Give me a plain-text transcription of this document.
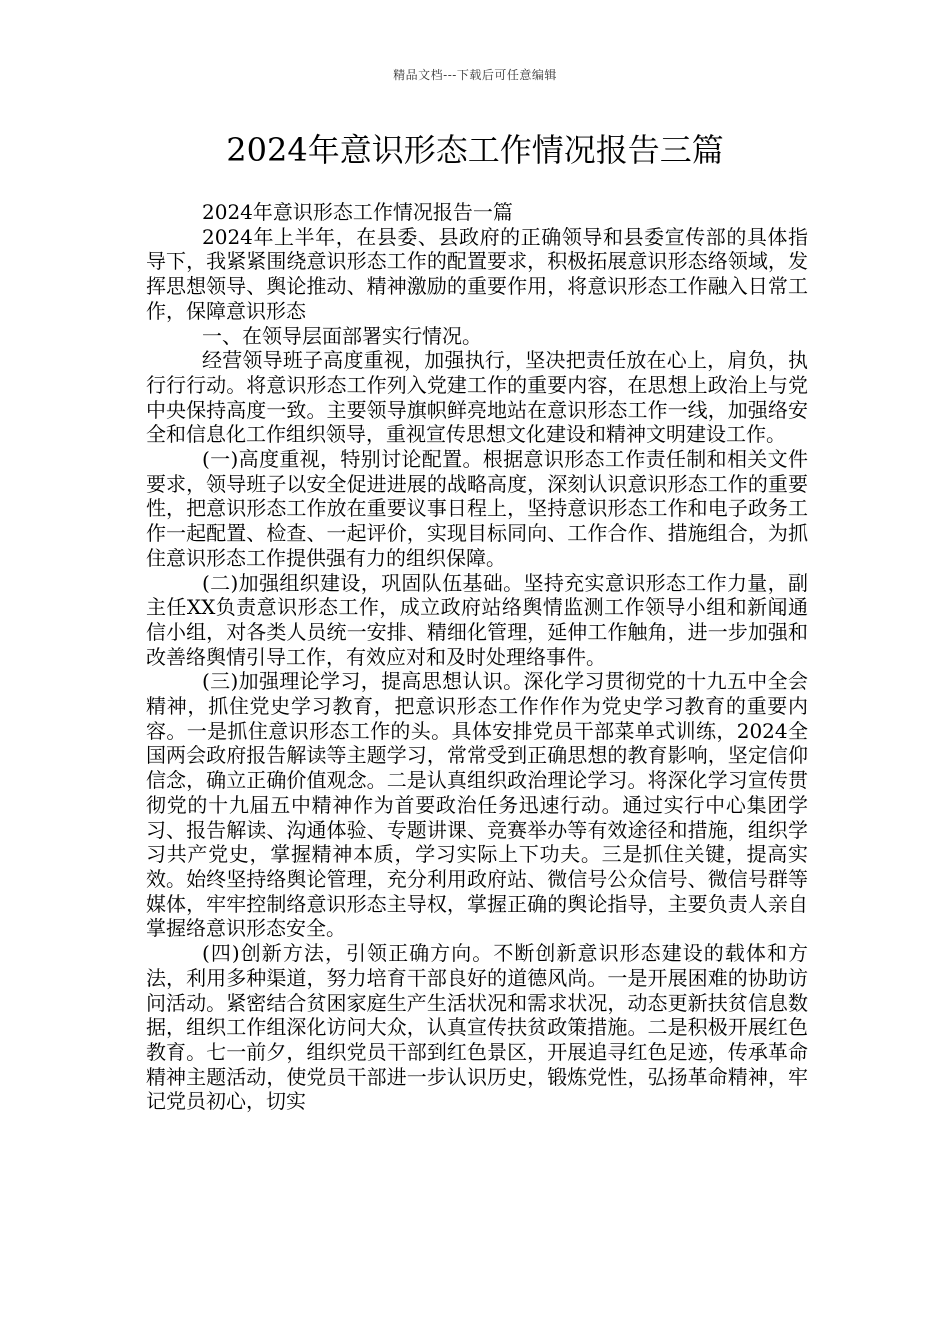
精品文档---下载后可任意编辑
2024年意识形态工作情况报告三篇

2024年意识形态工作情况报告一篇

2024年上半年，在县委、县政府的正确领导和县委宣传部的具体指导下，我紧紧围绕意识形态工作的配置要求，积极拓展意识形态络领域，发挥思想领导、舆论推动、精神激励的重要作用，将意识形态工作融入日常工作，保障意识形态

一、在领导层面部署实行情况。

经营领导班子高度重视，加强执行，坚决把责任放在心上，肩负，执行行行动。将意识形态工作列入党建工作的重要内容，在思想上政治上与党中央保持高度一致。主要领导旗帜鲜亮地站在意识形态工作一线，加强络安全和信息化工作组织领导，重视宣传思想文化建设和精神文明建设工作。

(一)高度重视，特别讨论配置。根据意识形态工作责任制和相关文件要求，领导班子以安全促进进展的战略高度，深刻认识意识形态工作的重要性，把意识形态工作放在重要议事日程上，坚持意识形态工作和电子政务工作一起配置、检查、一起评价，实现目标同向、工作合作、措施组合，为抓住意识形态工作提供强有力的组织保障。

(二)加强组织建设，巩固队伍基础。坚持充实意识形态工作力量，副主任XX负责意识形态工作，成立政府站络舆情监测工作领导小组和新闻通信小组，对各类人员统一安排、精细化管理，延伸工作触角，进一步加强和改善络舆情引导工作，有效应对和及时处理络事件。

(三)加强理论学习，提高思想认识。深化学习贯彻党的十九五中全会精神，抓住党史学习教育，把意识形态工作作作为党史学习教育的重要内容。一是抓住意识形态工作的头。具体安排党员干部菜单式训练，2024全国两会政府报告解读等主题学习，常常受到正确思想的教育影响，坚定信仰信念，确立正确价值观念。二是认真组织政治理论学习。将深化学习宣传贯彻党的十九届五中精神作为首要政治任务迅速行动。通过实行中心集团学习、报告解读、沟通体验、专题讲课、竞赛举办等有效途径和措施，组织学习共产党史，掌握精神本质，学习实际上下功夫。三是抓住关键，提高实效。始终坚持络舆论管理，充分利用政府站、微信号公众信号、微信号群等媒体，牢牢控制络意识形态主导权，掌握正确的舆论指导，主要负责人亲自掌握络意识形态安全。

(四)创新方法，引领正确方向。不断创新意识形态建设的载体和方法，利用多种渠道，努力培育干部良好的道德风尚。一是开展困难的协助访问活动。紧密结合贫困家庭生产生活状况和需求状况，动态更新扶贫信息数据，组织工作组深化访问大众，认真宣传扶贫政策措施。二是积极开展红色教育。七一前夕，组织党员干部到红色景区，开展追寻红色足迹，传承革命精神主题活动，使党员干部进一步认识历史，锻炼党性，弘扬革命精神，牢记党员初心，切实
